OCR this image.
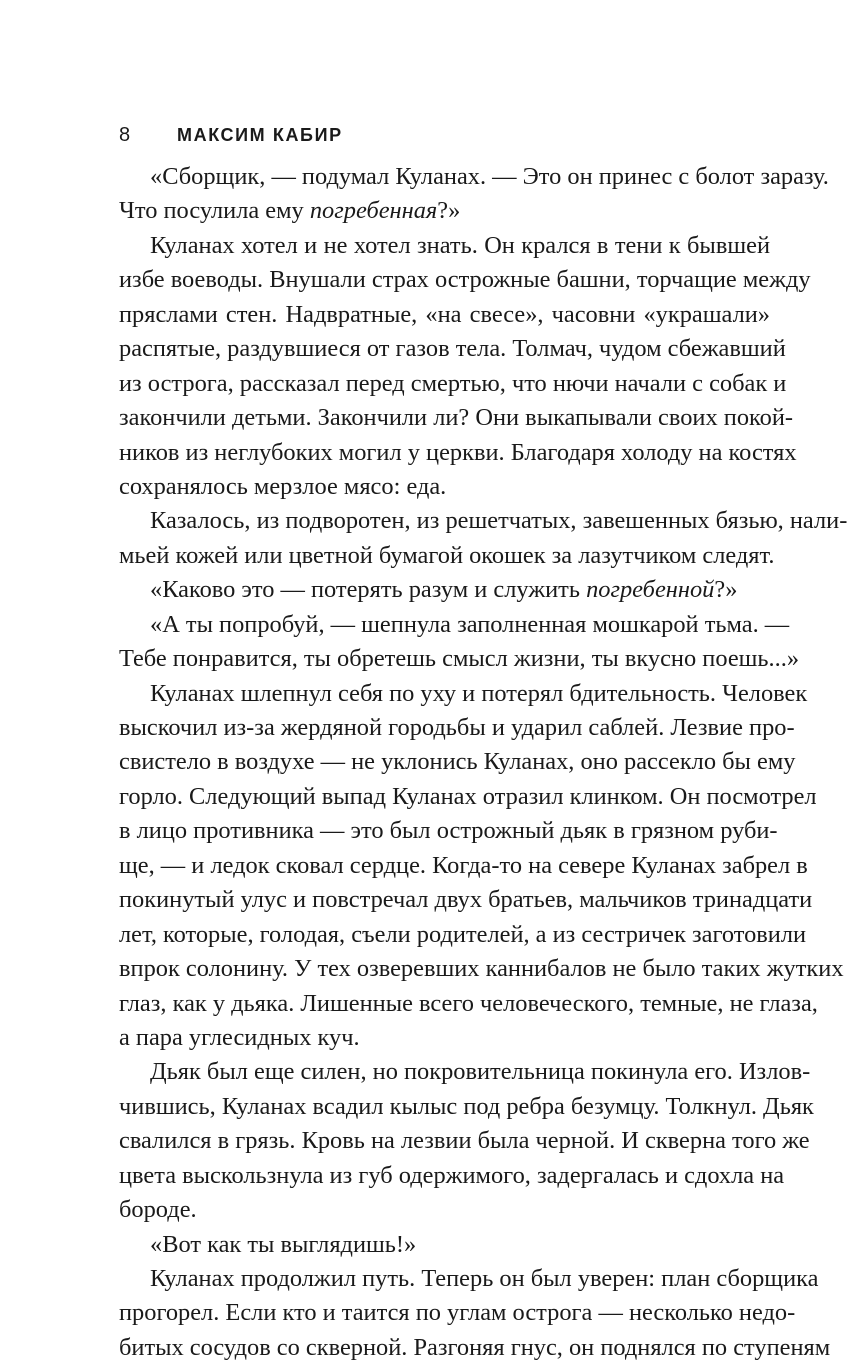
8	МАКСИМ КАБИР
«Сборщик, — подумал Куланах. — Это он принес с болот заразу.
Что посулила ему погребенная?»
Куланах хотел и не хотел знать. Он крался в тени к бывшей
избе воеводы. Внушали страх острожные башни, торчащие между
пряслами стен. Надвратные, «на свесе», часовни «украшали»
распятые, раздувшиеся от газов тела. Толмач, чудом сбежавший
из острога, рассказал перед смертью, что нючи начали с собак и
закончили детьми. Закончили ли? Они выкапывали своих покой-
ников из неглубоких могил у церкви. Благодаря холоду на костях
сохранялось мерзлое мясо: еда.
Казалось, из подворотен, из решетчатых, завешенных бязью, нали-
мьей кожей или цветной бумагой окошек за лазутчиком следят.
«Каково это — потерять разум и служить погребенной?»
«А ты попробуй, — шепнула заполненная мошкарой тьма. —
Тебе понравится, ты обретешь смысл жизни, ты вкусно поешь...»
Куланах шлепнул себя по уху и потерял бдительность. Человек
выскочил из-за жердяной городьбы и ударил саблей. Лезвие про-
свистело в воздухе — не уклонись Куланах, оно рассекло бы ему
горло. Следующий выпад Куланах отразил клинком. Он посмотрел
в лицо противника — это был острожный дьяк в грязном руби-
ще, — и ледок сковал сердце. Когда-то на севере Куланах забрел в
покинутый улус и повстречал двух братьев, мальчиков тринадцати
лет, которые, голодая, съели родителей, а из сестричек заготовили
впрок солонину. У тех озверевших каннибалов не было таких жутких
глаз, как у дьяка. Лишенные всего человеческого, темные, не глаза,
а пара углесидных куч.
Дьяк был еще силен, но покровительница покинула его. Излов-
чившись, Куланах всадил кылыс под ребра безумцу. Толкнул. Дьяк
свалился в грязь. Кровь на лезвии была черной. И скверна того же
цвета выскользнула из губ одержимого, задергалась и сдохла на
бороде.
«Вот как ты выглядишь!»
Куланах продолжил путь. Теперь он был уверен: план сборщика
прогорел. Если кто и таится по углам острога — несколько недо-
битых сосудов со скверной. Разгоняя гнус, он поднялся по ступеням
